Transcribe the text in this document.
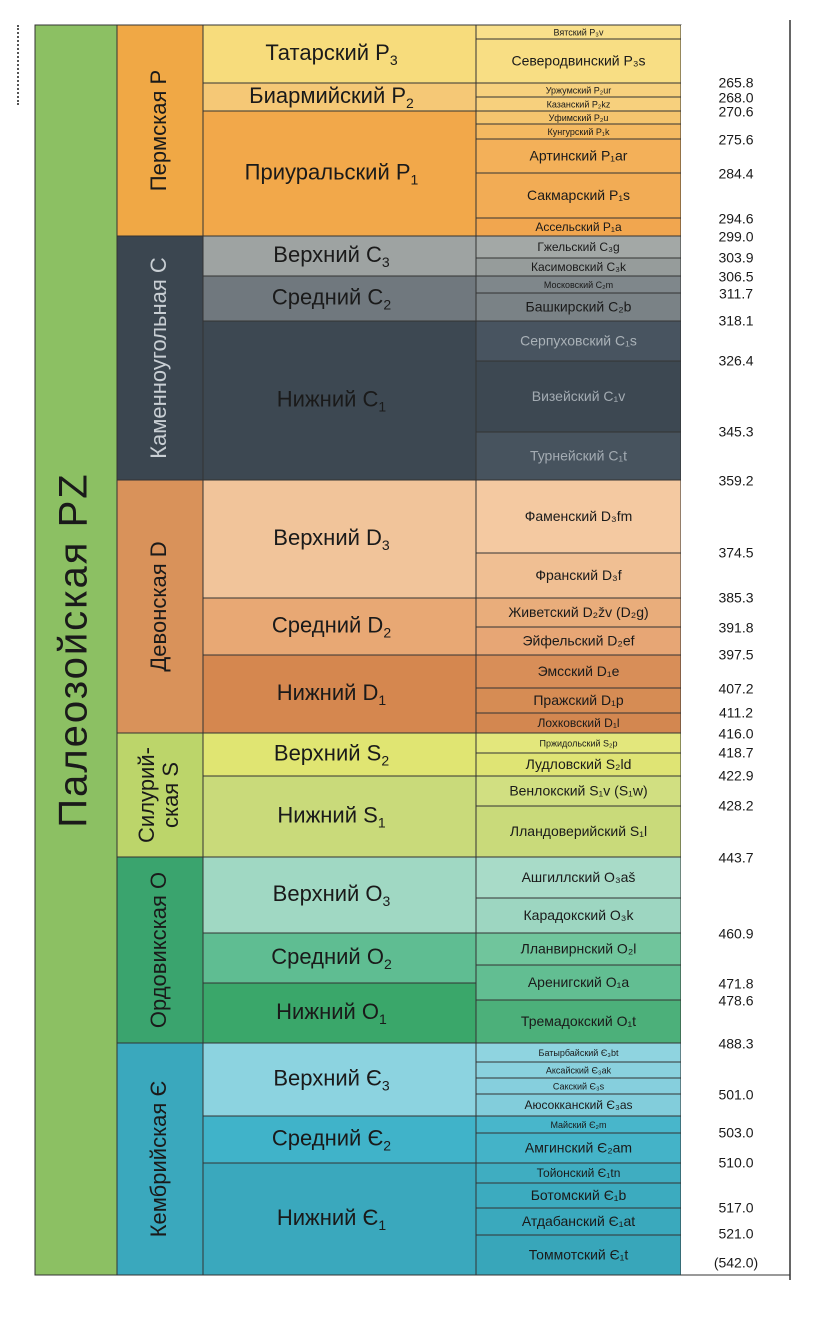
Палеозойская PZ
Пермская P
Каменноугольная C
Девонская D
Силурий-ская S
Ордовикская O
Кембрийская Є
Татарский $P_3$
Биармийский $P_2$
Приуральский $P_1$
Верхний $C_3$
Средний $C_2$
Нижний $C_1$
Верхний $D_3$
Средний $D_2$
Нижний $D_1$
Верхний $S_2$
Нижний $S_1$
Верхний $O_3$
Средний $O_2$
Нижний $O_1$
Верхний $Є_3$
Средний $Є_2$
Нижний $Є_1$
Вятский P₃v
Северодвинский P₃s
Уржумский P₂ur
Казанский P₂kz
Уфимский P₂u
Кунгурский P₁k
Артинский P₁ar
Сакмарский P₁s
Ассельский P₁a
Гжельский C₃g
Касимовский C₃k
Московский C₂m
Башкирский C₂b
Серпуховский C₁s
Визейский C₁v
Турнейский C₁t
Фаменский D₃fm
Франский D₃f
Живетский D₂žv (D₂g)
Эйфельский D₂ef
Эмсский D₁e
Пражский D₁p
Лохковский D₁l
Пржидольский S₂p
Лудловский S₂ld
Венлокский S₁v (S₁w)
Лландоверийский S₁l
Ашгиллский O₃aš
Карадокский O₃k
Лланвирнский O₂l
Аренигский O₁a
Тремадокский O₁t
Батырбайский Є₃bt
Аксайский Є₃ak
Сакский Є₃s
Аюсокканский Є₃as
Майский Є₂m
Амгинский Є₂am
Тойонский Є₁tn
Ботомский Є₁b
Атдабанский Є₁at
Томмотский Є₁t
265.8
268.0
270.6
275.6
284.4
294.6
299.0
303.9
306.5
311.7
318.1
326.4
345.3
359.2
374.5
385.3
391.8
397.5
407.2
411.2
416.0
418.7
422.9
428.2
443.7
460.9
471.8
478.6
488.3
501.0
503.0
510.0
517.0
521.0
(542.0)
